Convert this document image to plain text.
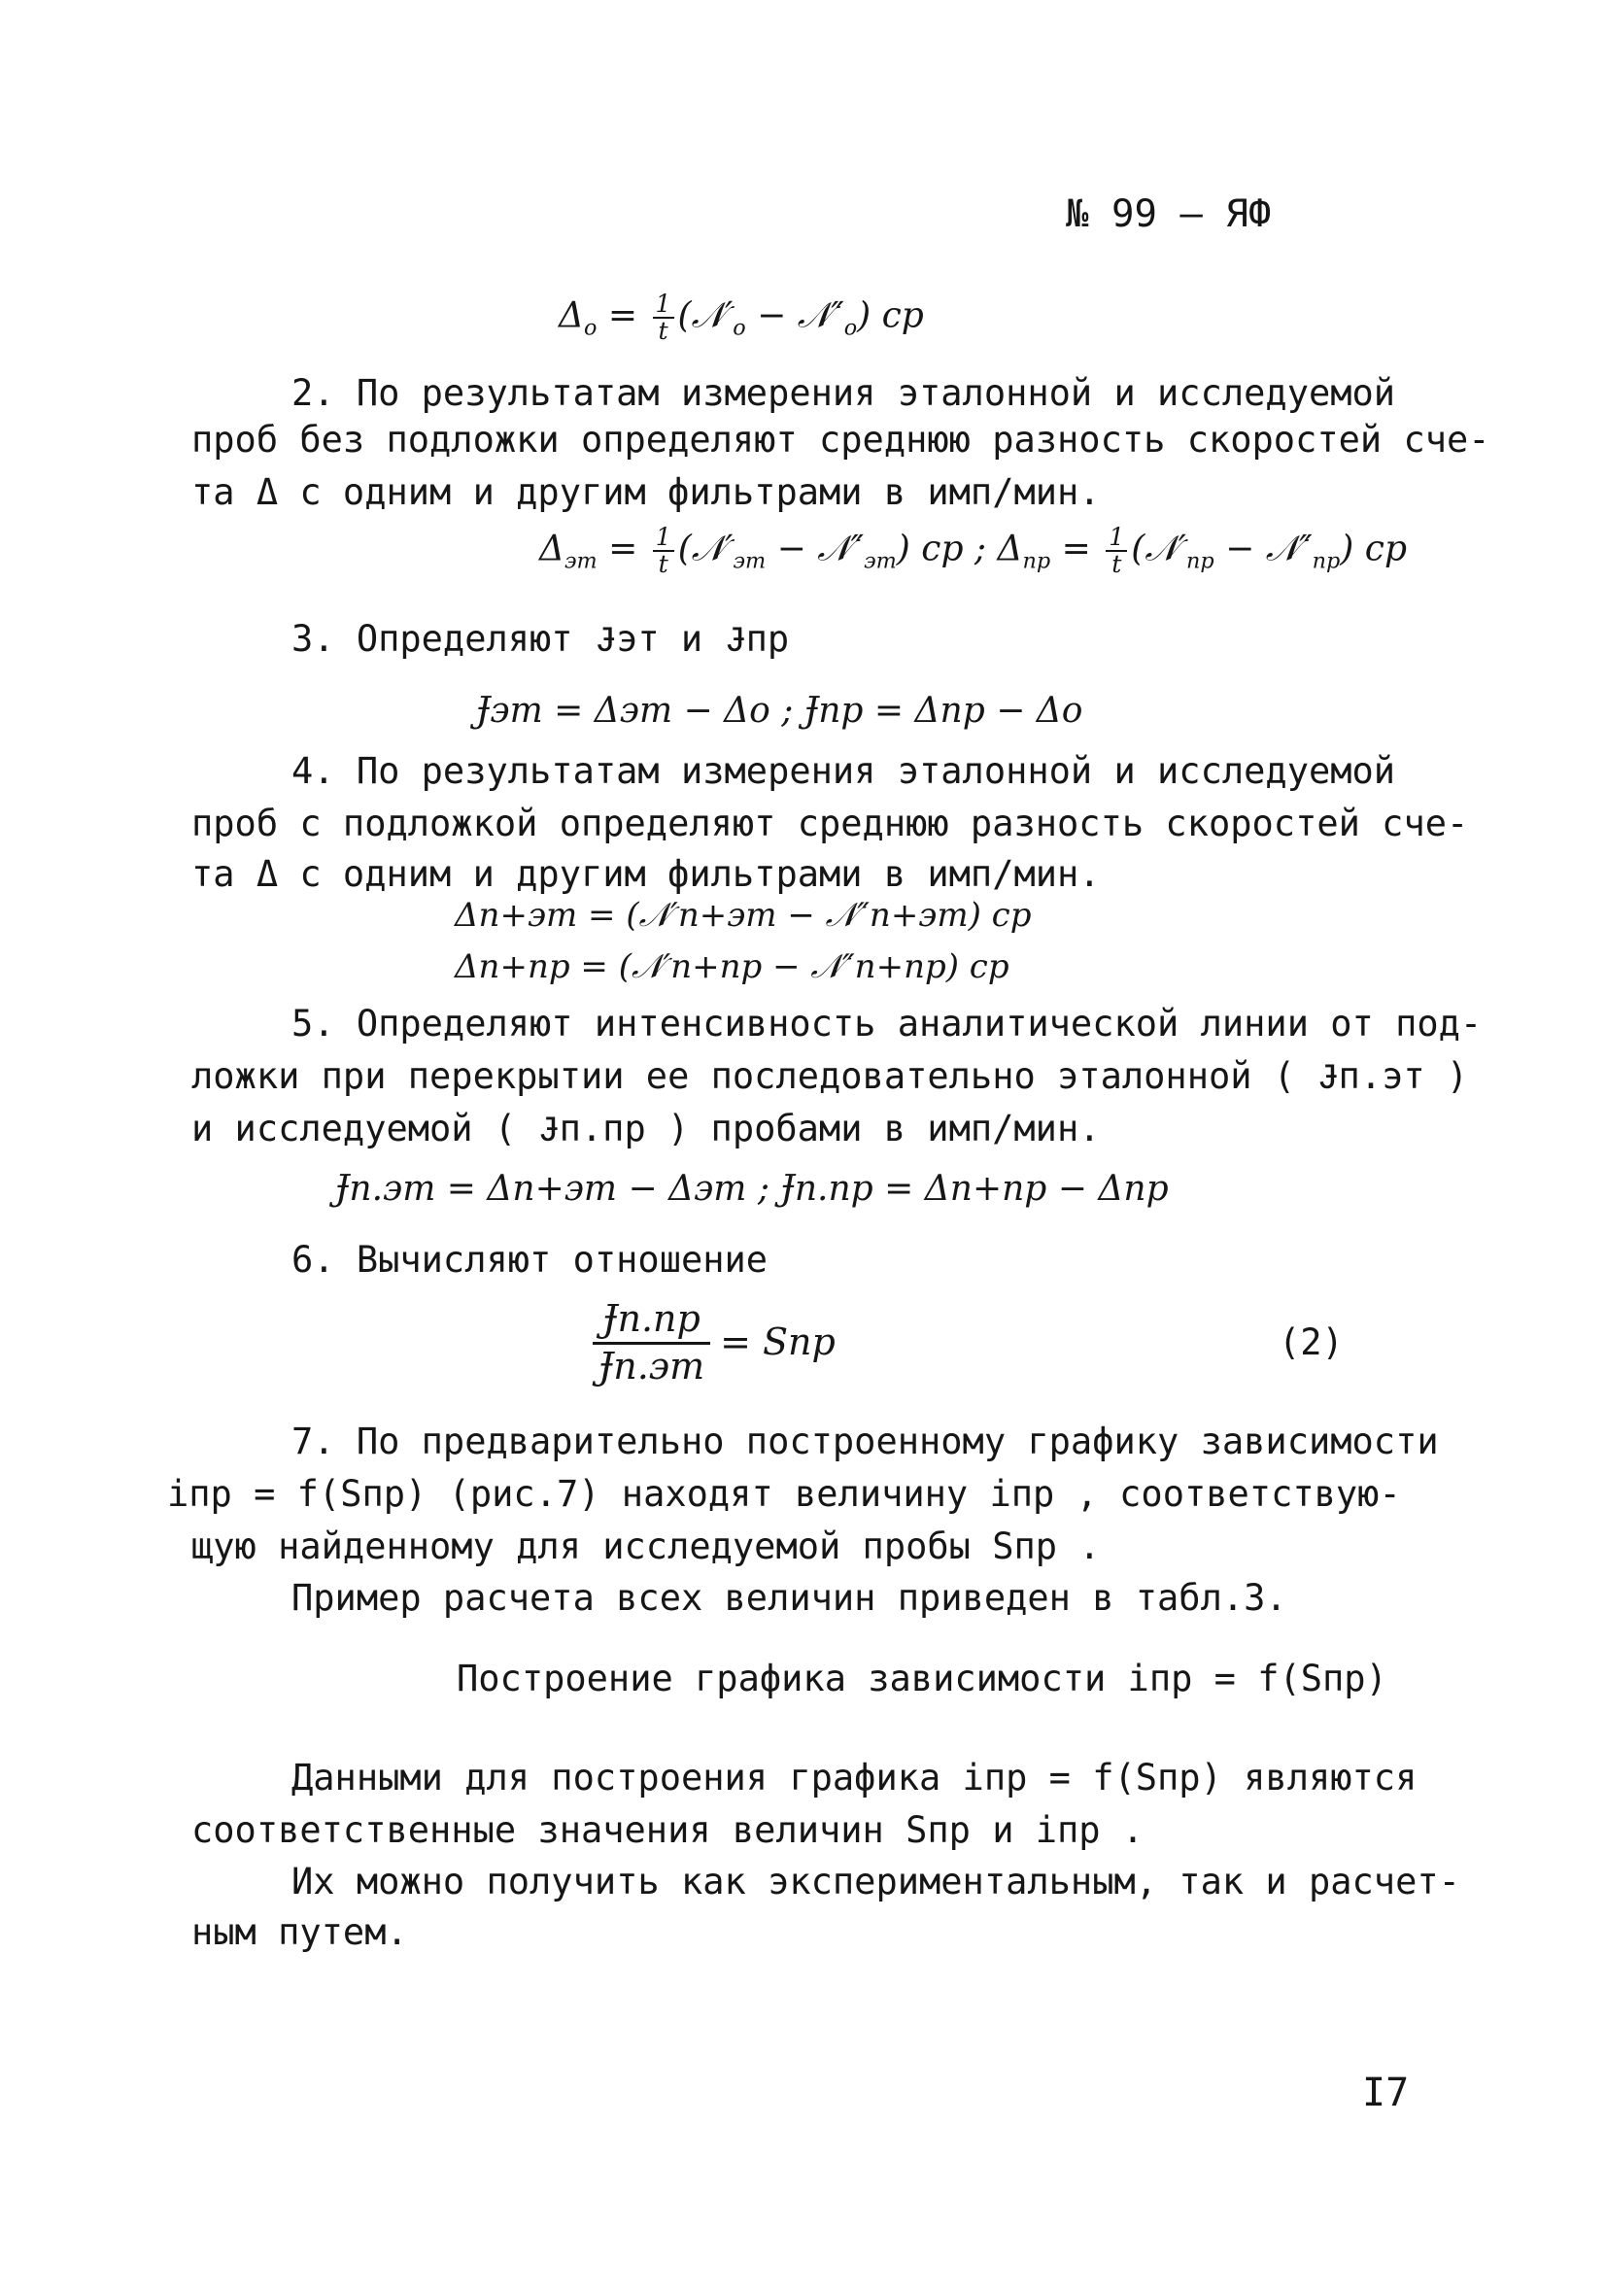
№ 99 – ЯФ
$\Delta_o = \frac{1}{t}$ ($𝒩'_o$ − $𝒩''_o$) ср
2. По результатам измерения эталонной и исследуемой
проб без подложки определяют среднюю разность скоростей сче-
та Δ с одним и другим фильтрами в имп/мин.
$\Delta_{эт} = \frac{1}{t}$ ($𝒩'_{эт}$ − $𝒩''_{эт}$) ср ; $\Delta_{пр} = \frac{1}{t}$ ($𝒩'_{пр}$ − $𝒩''_{пр}$) ср
3. Определяют Ɉэт и Ɉпр
Ɉэт = Δэт − Δo ; Ɉпр = Δпр − Δo
4. По результатам измерения эталонной и исследуемой
проб с подложкой определяют среднюю разность скоростей сче-
та Δ с одним и другим фильтрами в имп/мин.
Δп+эт = (𝒩′п+эт − 𝒩″п+эт) ср
Δп+пр = (𝒩′п+пр − 𝒩″п+пр) ср
5. Определяют интенсивность аналитической линии от под-
ложки при перекрытии ее последовательно эталонной ( Ɉп.эт )
и исследуемой ( Ɉп.пр ) пробами в имп/мин.
Ɉп.эт = Δп+эт − Δэт ; Ɉп.пр = Δп+пр − Δпр
6. Вычисляют отношение
Ɉп.пр
Ɉп.эт
= Sпр	(2)
7. По предварительно построенному графику зависимости
iпр = f(Sпр) (рис.7) находят величину iпр , соответствую-
щую найденному для исследуемой пробы Sпр .
Пример расчета всех величин приведен в табл.3.
Построение графика зависимости iпр = f(Sпр)
Данными для построения графика iпр = f(Sпр) являются
соответственные значения величин Sпр и iпр .
Их можно получить как экспериментальным, так и расчет-
ным путем.
I7
